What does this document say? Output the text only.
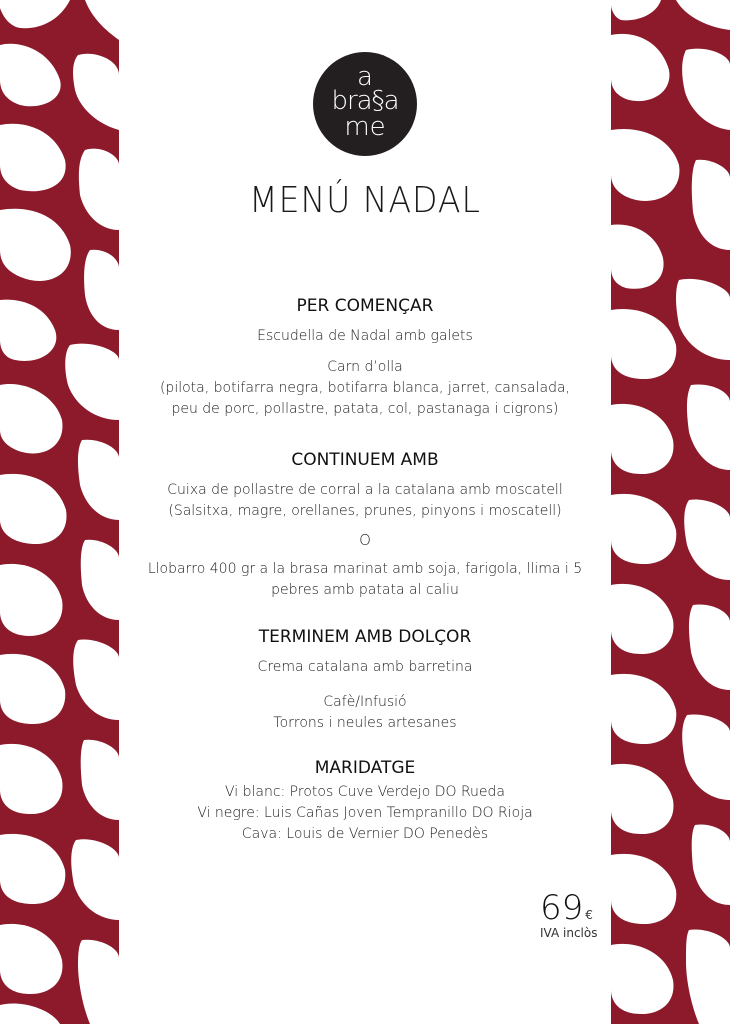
a
bra§a
me
MENÚ NADAL
PER COMENÇAR
Escudella de Nadal amb galets
Carn d’olla
(pilota, botifarra negra, botifarra blanca, jarret, cansalada,
peu de porc, pollastre, patata, col, pastanaga i cigrons)
CONTINUEM AMB
Cuixa de pollastre de corral a la catalana amb moscatell
(Salsitxa, magre, orellanes, prunes, pinyons i moscatell)
O
Llobarro 400 gr a la brasa marinat amb soja, farigola, llima i 5
pebres amb patata al caliu
TERMINEM AMB DOLÇOR
Crema catalana amb barretina
Cafè/Infusió
Torrons i neules artesanes
MARIDATGE
Vi blanc: Protos Cuve Verdejo DO Rueda
Vi negre: Luis Cañas Joven Tempranillo DO Rioja
Cava: Louis de Vernier DO Penedès
69 €
IVA inclòs
